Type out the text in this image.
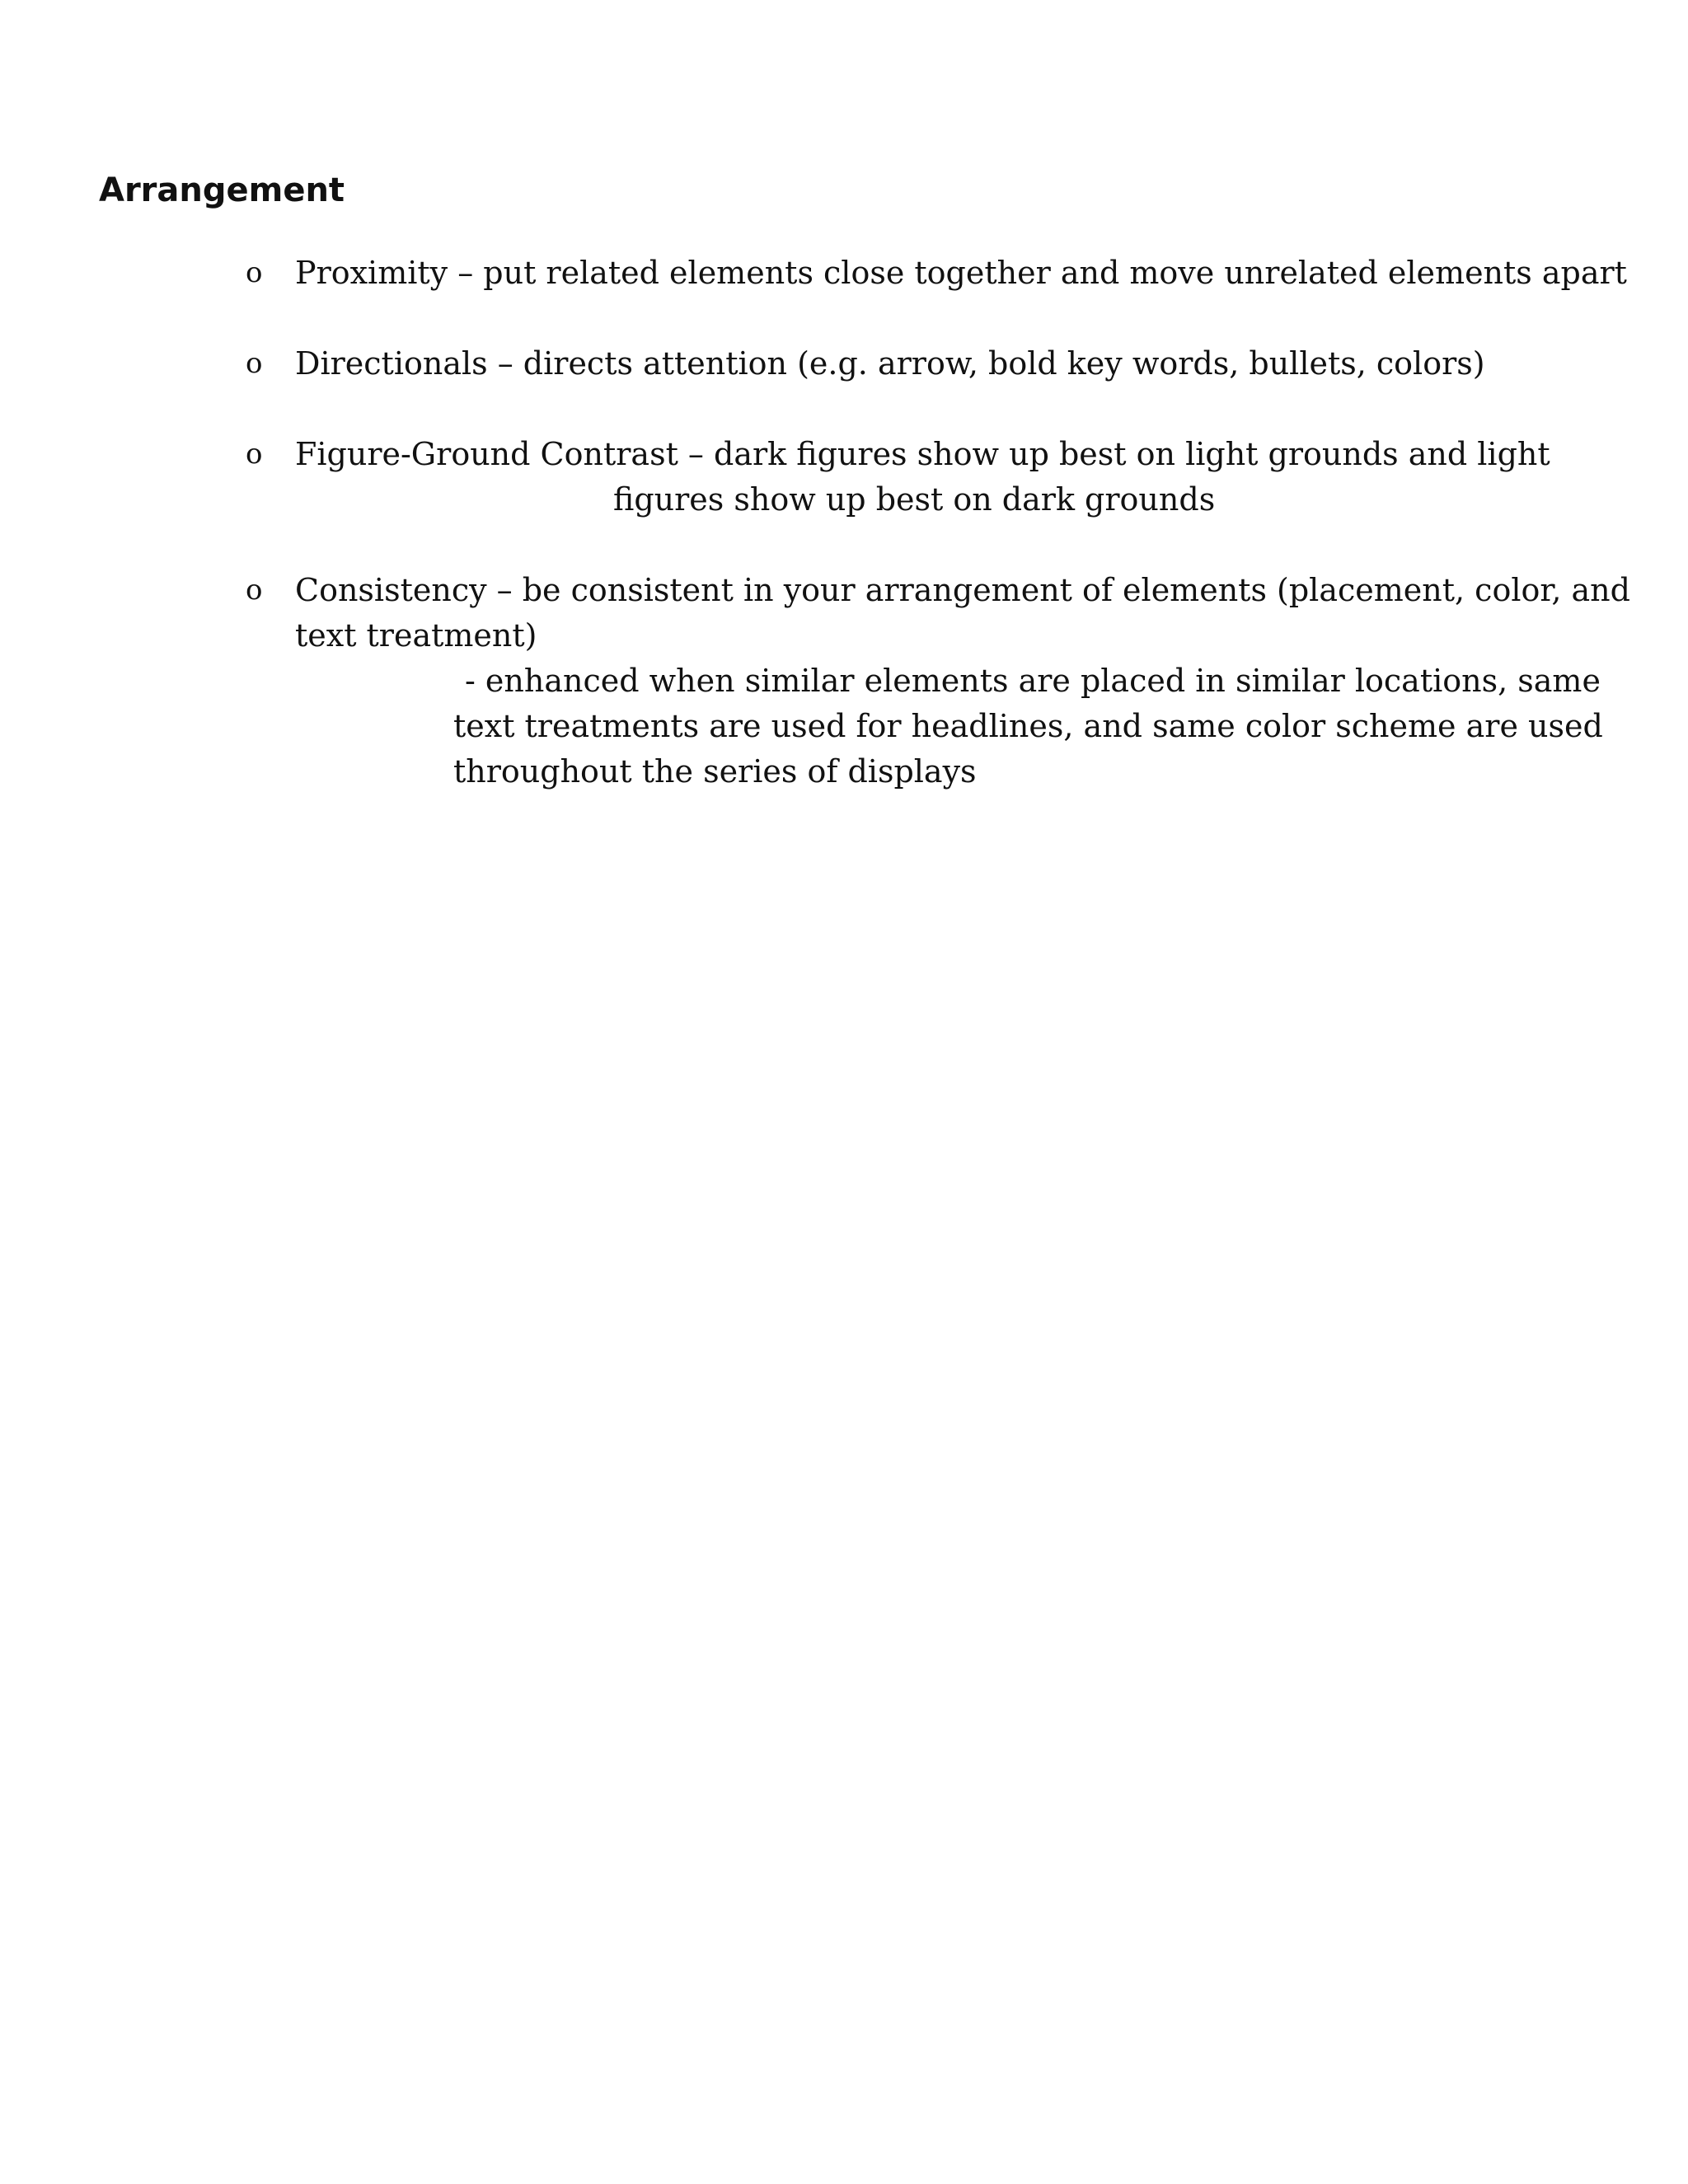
Arrangement
o Proximity – put related elements close together and move unrelated elements apart
o Directionals – directs attention (e.g. arrow, bold key words, bullets, colors)
o Figure-Ground Contrast – dark figures show up best on light grounds and light
figures show up best on dark grounds
o Consistency – be consistent in your arrangement of elements (placement, color, and
text treatment)
- enhanced when similar elements are placed in similar locations, same
text treatments are used for headlines, and same color scheme are used
throughout the series of displays
